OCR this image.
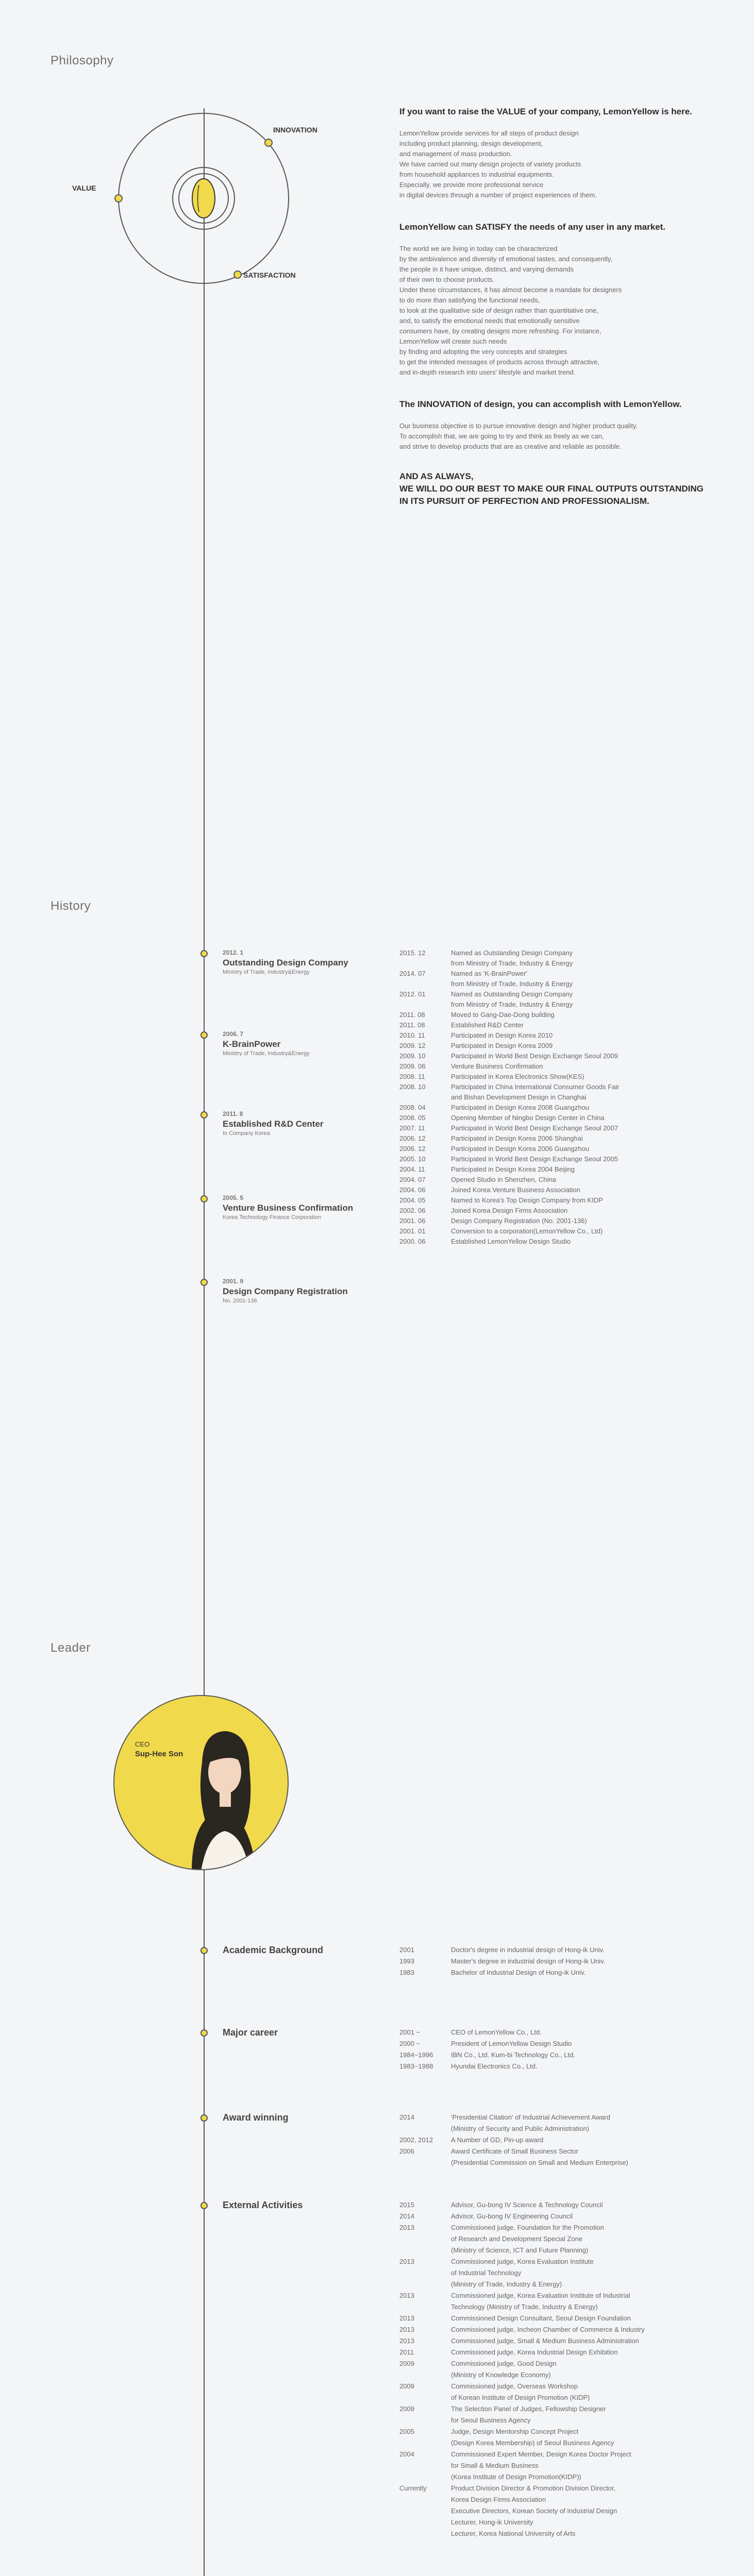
Philosophy
INNOVATION
VALUE
SATISFACTION
If you want to raise the VALUE of your company, LemonYellow is here.
LemonYellow provide services for all steps of product design
including product planning, design development,
and management of mass production.
We have carried out many design projects of variety products
from household appliances to industrial equipments.
Especially, we provide more professional service
in digital devices through a number of project experiences of them.
LemonYellow can SATISFY the needs of any user in any market.
The world we are living in today can be characterized
by the ambivalence and diversity of emotional tastes, and consequently,
the people in it have unique, distinct, and varying demands
of their own to choose products.
Under these circumstances, it has almost become a mandate for designers
to do more than satisfying the functional needs,
to look at the qualitative side of design rather than quantitative one,
and, to satisfy the emotional needs that emotionally sensitive
consumers have, by creating designs more refreshing. For instance,
LemonYellow will create such needs
by finding and adopting the very concepts and strategies
to get the intended messages of products across through attractive,
and in-depth research into users' lifestyle and market trend.
The INNOVATION of design, you can accomplish with LemonYellow.
Our business objective is to pursue innovative design and higher product quality.
To accomplish that, we are going to try and think as freely as we can,
and strive to develop products that are as creative and reliable as possible.
AND AS ALWAYS,
WE WILL DO OUR BEST TO MAKE OUR FINAL OUTPUTS OUTSTANDING
IN ITS PURSUIT OF PERFECTION AND PROFESSIONALISM.
History
2012. 1
Outstanding Design Company
Ministry of Trade, Industry&Energy
2006. 7
K-BrainPower
Ministry of Trade, Industry&Energy
2011. 8
Established R&D Center
In Company Korea
2005. 5
Venture Business Confirmation
Korea Technology Finance Corporation
2001. 9
Design Company Registration
No. 2001-136
2015. 12	Named as Outstanding Design Company
from Ministry of Trade, Industry & Energy
2014. 07	Named as 'K-BrainPower'
from Ministry of Trade, Industry & Energy
2012. 01	Named as Outstanding Design Company
from Ministry of Trade, Industry & Energy
2011. 08	Moved to Gang-Dae-Dong building
2011. 08	Established R&D Center
2010. 11	Participated in Design Korea 2010
2009. 12	Participated in Design Korea 2009
2009. 10	Participated in World Best Design Exchange Seoul 2009
2009. 06	Venture Business Confirmation
2008. 11	Participated in Korea Electronics Show(KES)
2008. 10	Participated in China International Consumer Goods Fair
and Bishan Development Design in Changhai
2008. 04	Participated in Design Korea 2008 Guangzhou
2008. 05	Opening Member of Ningbo Design Center in China
2007. 11	Participated in World Best Design Exchange Seoul 2007
2006. 12	Participated in Design Korea 2006 Shanghai
2006. 12	Participated in Design Korea 2006 Guangzhou
2005. 10	Participated in World Best Design Exchange Seoul 2005
2004. 11	Participated in Design Korea 2004 Beijing
2004. 07	Opened Studio in Shenzhen, China
2004. 06	Joined Korea Venture Business Association
2004. 05	Named to Korea's Top Design Company from KIDP
2002. 06	Joined Korea Design Firms Association
2001. 06	Design Company Registration (No. 2001-136)
2001. 01	Conversion to a corporation(LemonYellow Co., Ltd)
2000. 06	Established LemonYellow Design Studio
Leader
CEO
Sup-Hee Son
Academic Background	2001	Doctor's degree in industrial design of Hong-ik Univ.
1993	Master's degree in industrial design of Hong-ik Univ.
1983	Bachelor of Industrial Design of Hong-ik Univ.
Major career	2001 ~	CEO of LemonYellow Co., Ltd.
2000 ~	President of LemonYellow Design Studio
1984~1996	IBN Co., Ltd. Kum-bi Technology Co., Ltd.
1983~1988	Hyundai Electronics Co., Ltd.
Award winning	2014	'Presidential Citation' of Industrial Achievement Award
(Ministry of Security and Public Administration)
2002, 2012	A Number of GD, Pin-up award
2006	Award Certificate of Small Business Sector
(Presidential Commission on Small and Medium Enterprise)
External Activities	2015	Advisor, Gu-bong IV Science & Technology Council
2014	Advisor, Gu-bong IV Engineering Council
2013	Commissioned judge, Foundation for the Promotion
of Research and Development Special Zone
(Ministry of Science, ICT and Future Planning)
2013	Commissioned judge, Korea Evaluation Institute
of Industrial Technology
(Ministry of Trade, Industry & Energy)
2013	Commissioned judge, Korea Evaluation Institute of Industrial
Technology (Ministry of Trade, Industry & Energy)
2013	Commissioned Design Consultant, Seoul Design Foundation
2013	Commissioned judge, Incheon Chamber of Commerce & Industry
2013	Commissioned judge, Small & Medium Business Administration
2011	Commissioned judge, Korea Industrial Design Exhibition
2009	Commissioned judge, Good Design
(Ministry of Knowledge Economy)
2009	Commissioned judge, Overseas Workshop
of Korean Institute of Design Promotion (KIDP)
2009	The Selection Panel of Judges, Fellowship Designer
for Seoul Business Agency
2005	Judge, Design Mentorship Concept Project
(Design Korea Membership) of Seoul Business Agency
2004	Commissioned Expert Member, Design Korea Doctor Project
for Small & Medium Business
(Korea Institute of Design Promotion(KIDP))
Currently	Product Division Director & Promotion Division Director,
Korea Design Firms Association
Executive Directors, Korean Society of Industrial Design
Lecturer, Hong-ik University
Lecturer, Korea National University of Arts
